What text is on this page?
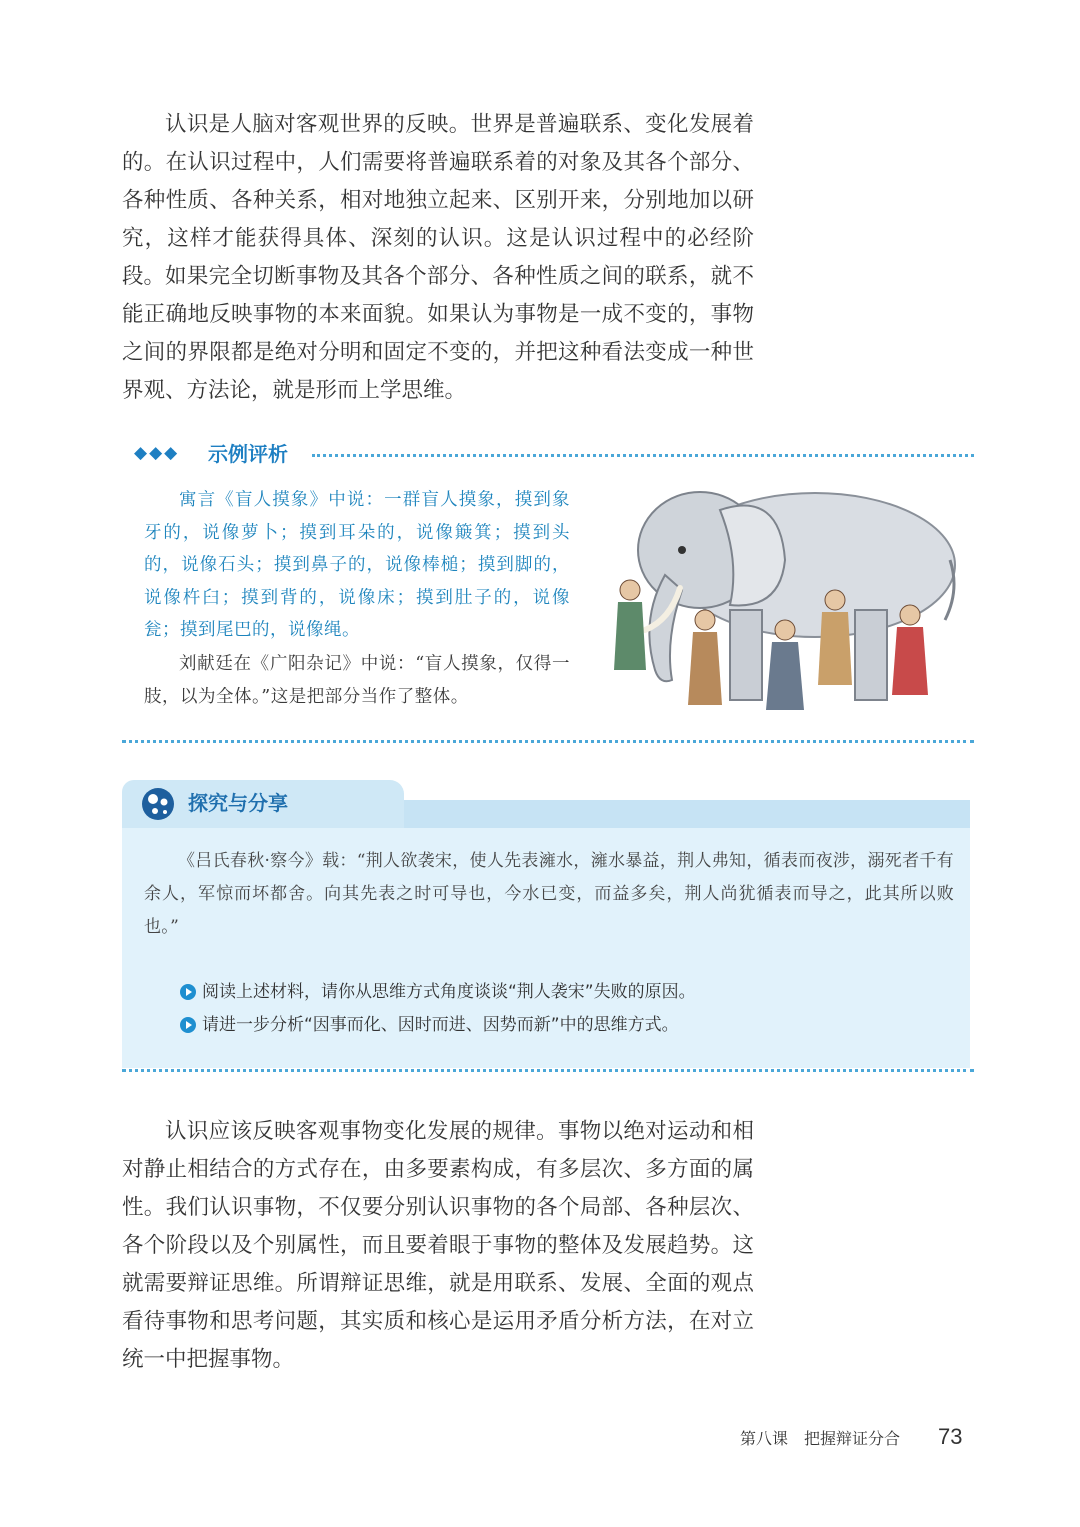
认识是人脑对客观世界的反映。世界是普遍联系、变化发展着的。在认识过程中，人们需要将普遍联系着的对象及其各个部分、各种性质、各种关系，相对地独立起来、区别开来，分别地加以研究，这样才能获得具体、深刻的认识。这是认识过程中的必经阶段。 如果完全切断事物及其各个部分、各种性质之间的联系，就不能正确地反映事物的本来面貌。如果认为事物是一成不变的，事物之间的界限都是绝对分明和固定不变的，并把这种看法变成一种世界观、方法论，就是形而上学思维。

◆◆◆ 示例评析

寓言《盲人摸象》中说：一群盲人摸象，摸到象牙的，说像萝卜；摸到耳朵的，说像簸箕；摸到头的，说像石头；摸到鼻子的，说像棒槌；摸到脚的，说像杵臼；摸到背的，说像床；摸到肚子的，说像瓮；摸到尾巴的，说像绳。

刘献廷在《广阳杂记》中说：“盲人摸象，仅得一肢，以为全体。”这是把部分当作了整体。

探究与分享

《吕氏春秋·察今》载：“荆人欲袭宋，使人先表澭水，澭水暴益，荆人弗知，循表而夜涉，溺死者千有余人，军惊而坏都舍。向其先表之时可导也，今水已变，而益多矣，荆人尚犹循表而导之，此其所以败也。”

阅读上述材料，请你从思维方式角度谈谈“荆人袭宋”失败的原因。
请进一步分析“因事而化、因时而进、因势而新”中的思维方式。

认识应该反映客观事物变化发展的规律。事物以绝对运动和相对静止相结合的方式存在，由多要素构成，有多层次、多方面的属性。我们认识事物，不仅要分别认识事物的各个局部、各种层次、各个阶段以及个别属性，而且要着眼于事物的整体及发展趋势。这就需要辩证思维。所谓辩证思维，就是用联系、发展、全面的观点看待事物和思考问题，其实质和核心是运用矛盾分析方法，在对立统一中把握事物。

第八课　把握辩证分合 73
